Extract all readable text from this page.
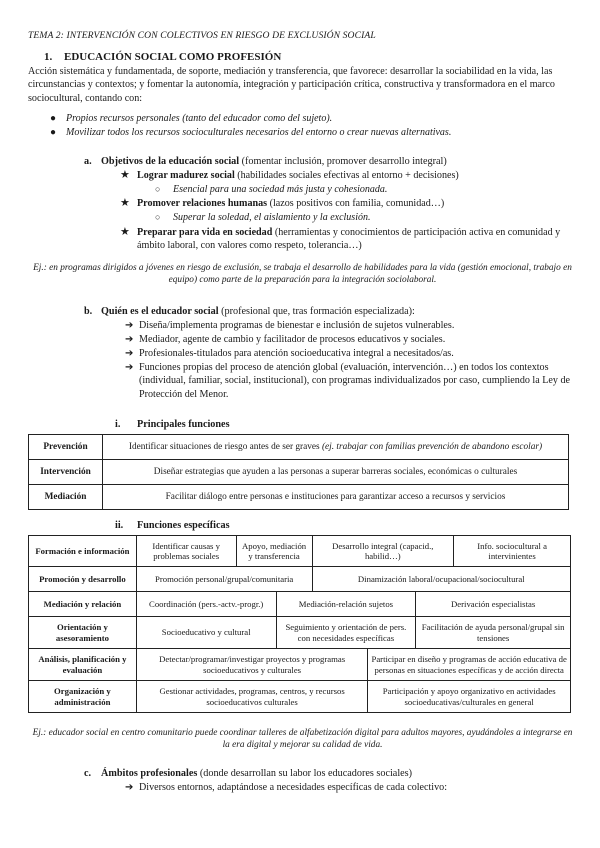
TEMA 2: INTERVENCIÓN CON COLECTIVOS EN RIESGO DE EXCLUSIÓN SOCIAL
1. EDUCACIÓN SOCIAL COMO PROFESIÓN
Acción sistemática y fundamentada, de soporte, mediación y transferencia, que favorece: desarrollar la sociabilidad en la vida, las circunstancias y contextos; y fomentar la autonomía, integración y participación crítica, constructiva y transformadora en el marco sociocultural, contando con:
● Propios recursos personales (tanto del educador como del sujeto).
● Movilizar todos los recursos socioculturales necesarios del entorno o crear nuevas alternativas.
a. Objetivos de la educación social (fomentar inclusión, promover desarrollo integral)
★ Lograr madurez social (habilidades sociales efectivas al entorno + decisiones)
○ Esencial para una sociedad más justa y cohesionada.
★ Promover relaciones humanas (lazos positivos con familia, comunidad…)
○ Superar la soledad, el aislamiento y la exclusión.
★ Preparar para vida en sociedad (herramientas y conocimientos de participación activa en comunidad y ámbito laboral, con valores como respeto, tolerancia…)
Ej.: en programas dirigidos a jóvenes en riesgo de exclusión, se trabaja el desarrollo de habilidades para la vida (gestión emocional, trabajo en equipo) como parte de la preparación para la integración sociolaboral.
b. Quién es el educador social (profesional que, tras formación especializada):
➔ Diseña/implementa programas de bienestar e inclusión de sujetos vulnerables.
➔ Mediador, agente de cambio y facilitador de procesos educativos y sociales.
➔ Profesionales-titulados para atención socioeducativa integral a necesitados/as.
➔ Funciones propias del proceso de atención global (evaluación, intervención…) en todos los contextos (individual, familiar, social, institucional), con programas individualizados por caso, cumpliendo la Ley de Protección del Menor.
i. Principales funciones
Prevención	Identificar situaciones de riesgo antes de ser graves (ej. trabajar con familias prevención de abandono escolar)
Intervención	Diseñar estrategias que ayuden a las personas a superar barreras sociales, económicas o culturales
Mediación	Facilitar diálogo entre personas e instituciones para garantizar acceso a recursos y servicios
ii. Funciones específicas
Formación e información	Identificar causas y problemas sociales	Apoyo, mediación y transferencia		Desarrollo integral (capacid., habilid…)			Info. sociocultural a intervinientes
Promoción y desarrollo	Promoción personal/grupal/comunitaria			Dinamización laboral/ocupacional/sociocultural			
Mediación y relación	Coordinación (pers.-actv.-progr.)		Mediación-relación sujetos			Derivación especialistas	
Orientación y asesoramiento	Socioeducativo y cultural		Seguimiento y orientación de pers. con necesidades específicas			Facilitación de ayuda personal/grupal sin tensiones	
Análisis, planificación y evaluación	Detectar/programar/investigar proyectos y programas socioeducativos y culturales				Participar en diseño y programas de acción educativa de personas en situaciones específicas y de acción directa		
Organización y administración	Gestionar actividades, programas, centros, y recursos socioeducativos culturales				Participación y apoyo organizativo en actividades socioeducativas/culturales en general		
Ej.: educador social en centro comunitario puede coordinar talleres de alfabetización digital para adultos mayores, ayudándoles a integrarse en la era digital y mejorar su calidad de vida.
c. Ámbitos profesionales (donde desarrollan su labor los educadores sociales)
➔ Diversos entornos, adaptándose a necesidades específicas de cada colectivo:
